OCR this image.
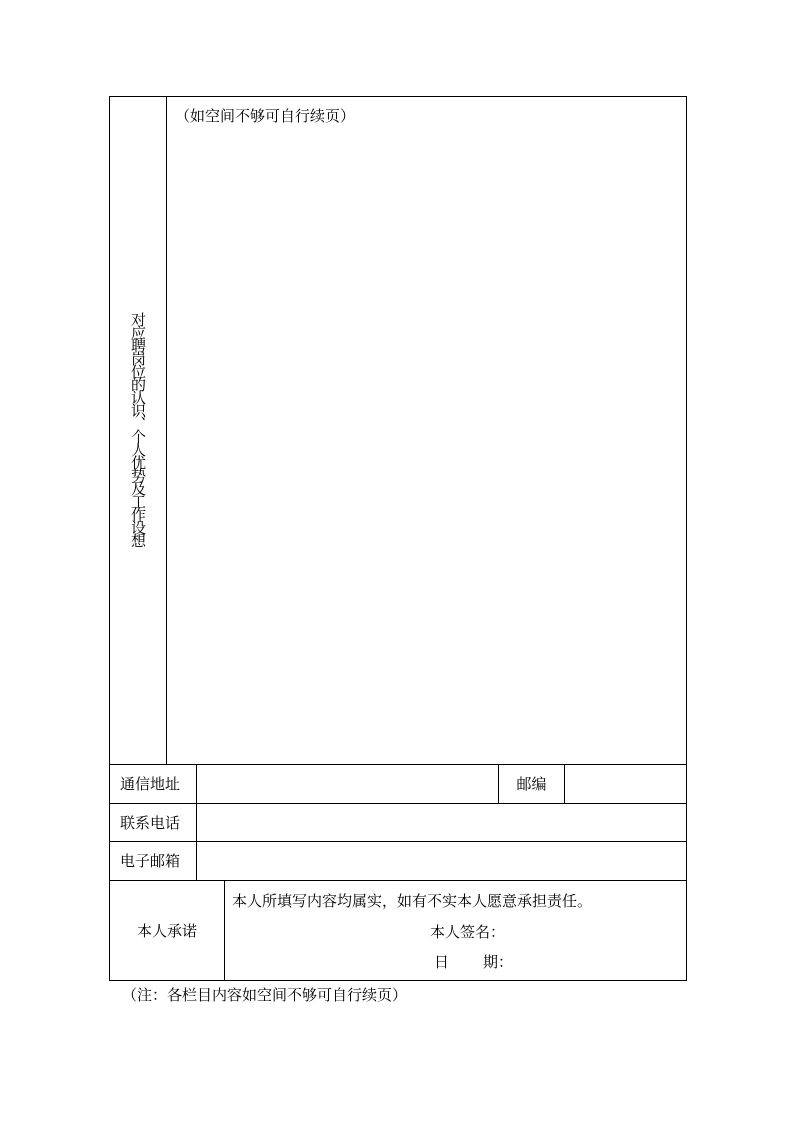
对应聘岗位的认识、个人优势及工作设想	（如空间不够可自行续页）				
通信地址				邮编	
联系电话					
电子邮箱					
本人承诺			本人所填写内容均属实，如有不实本人愿意承担责任。
本人签名：
日 期：		
（注：各栏目内容如空间不够可自行续页）
